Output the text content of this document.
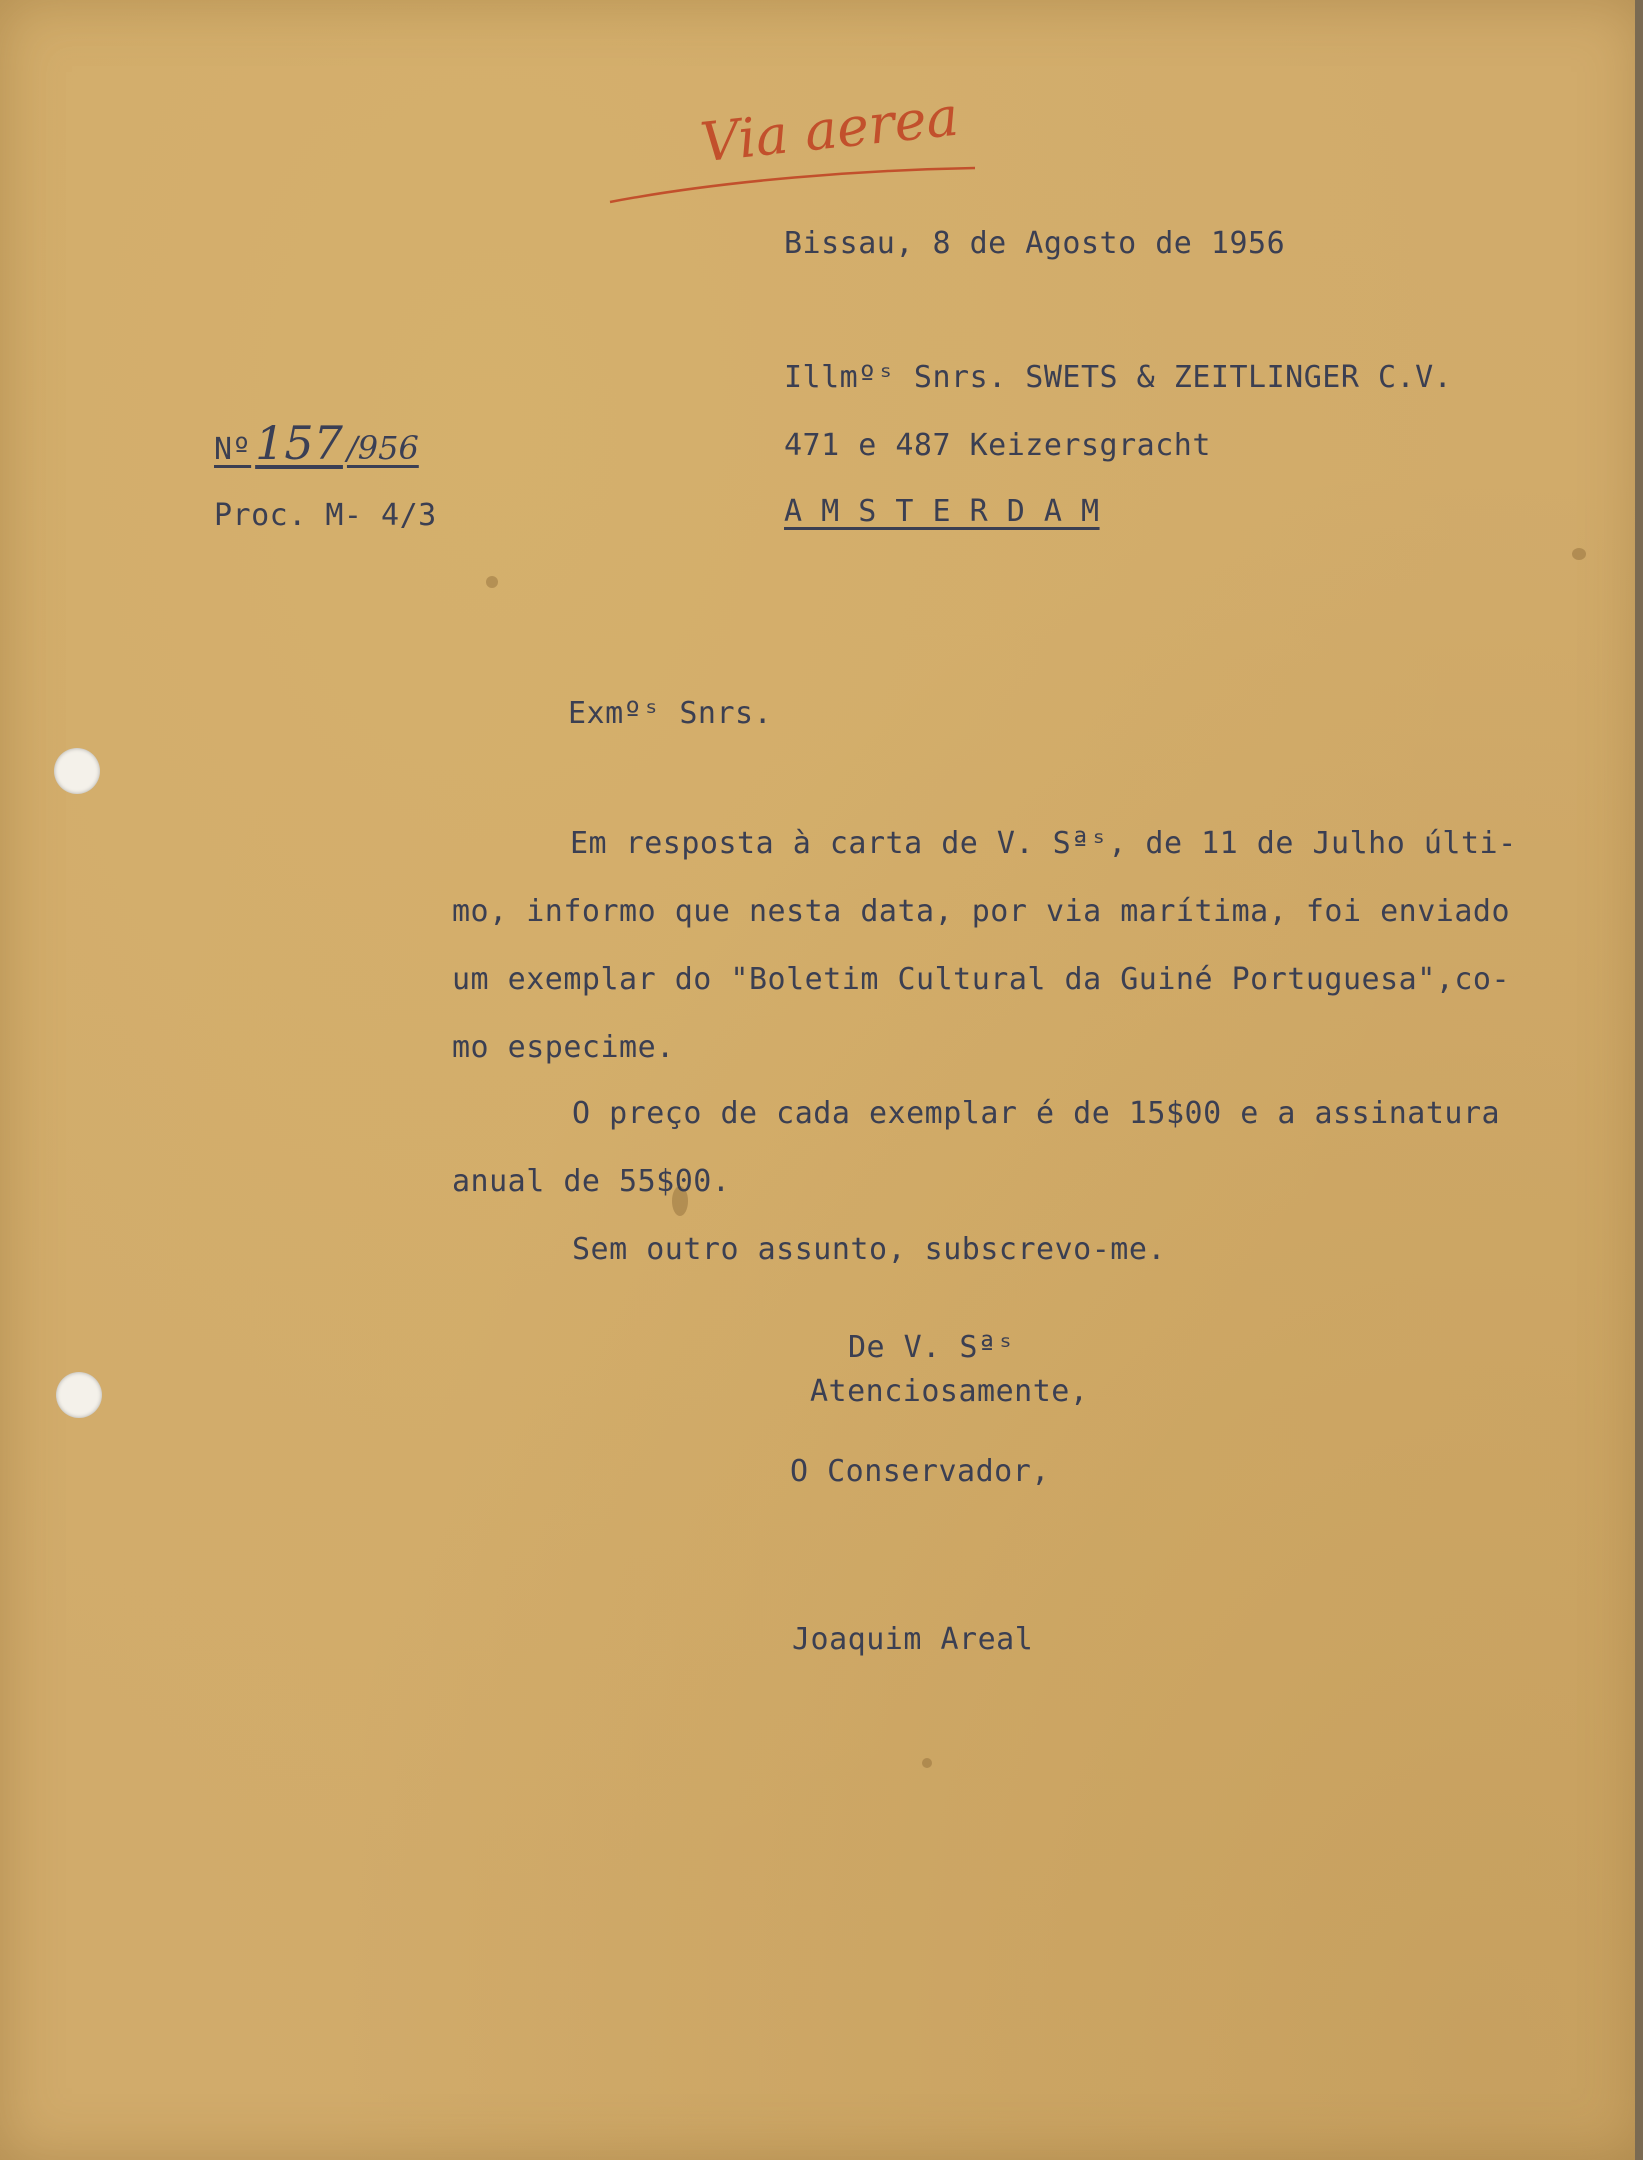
Via aerea
Bissau, 8 de Agosto de 1956
Illmºˢ Snrs. SWETS & ZEITLINGER C.V.
471 e 487 Keizersgracht
A M S T E R D A M
Nº 157 /956
Proc. M- 4/3
Exmºˢ Snrs.
Em resposta à carta de V. Sªˢ, de 11 de Julho últi-
mo, informo que nesta data, por via marítima, foi enviado
um exemplar do "Boletim Cultural da Guiné Portuguesa",co-
mo especime.
O preço de cada exemplar é de 15$00 e a assinatura
anual de 55$00.
Sem outro assunto, subscrevo-me.
De V. Sªˢ
Atenciosamente,
O Conservador,
Joaquim Areal
